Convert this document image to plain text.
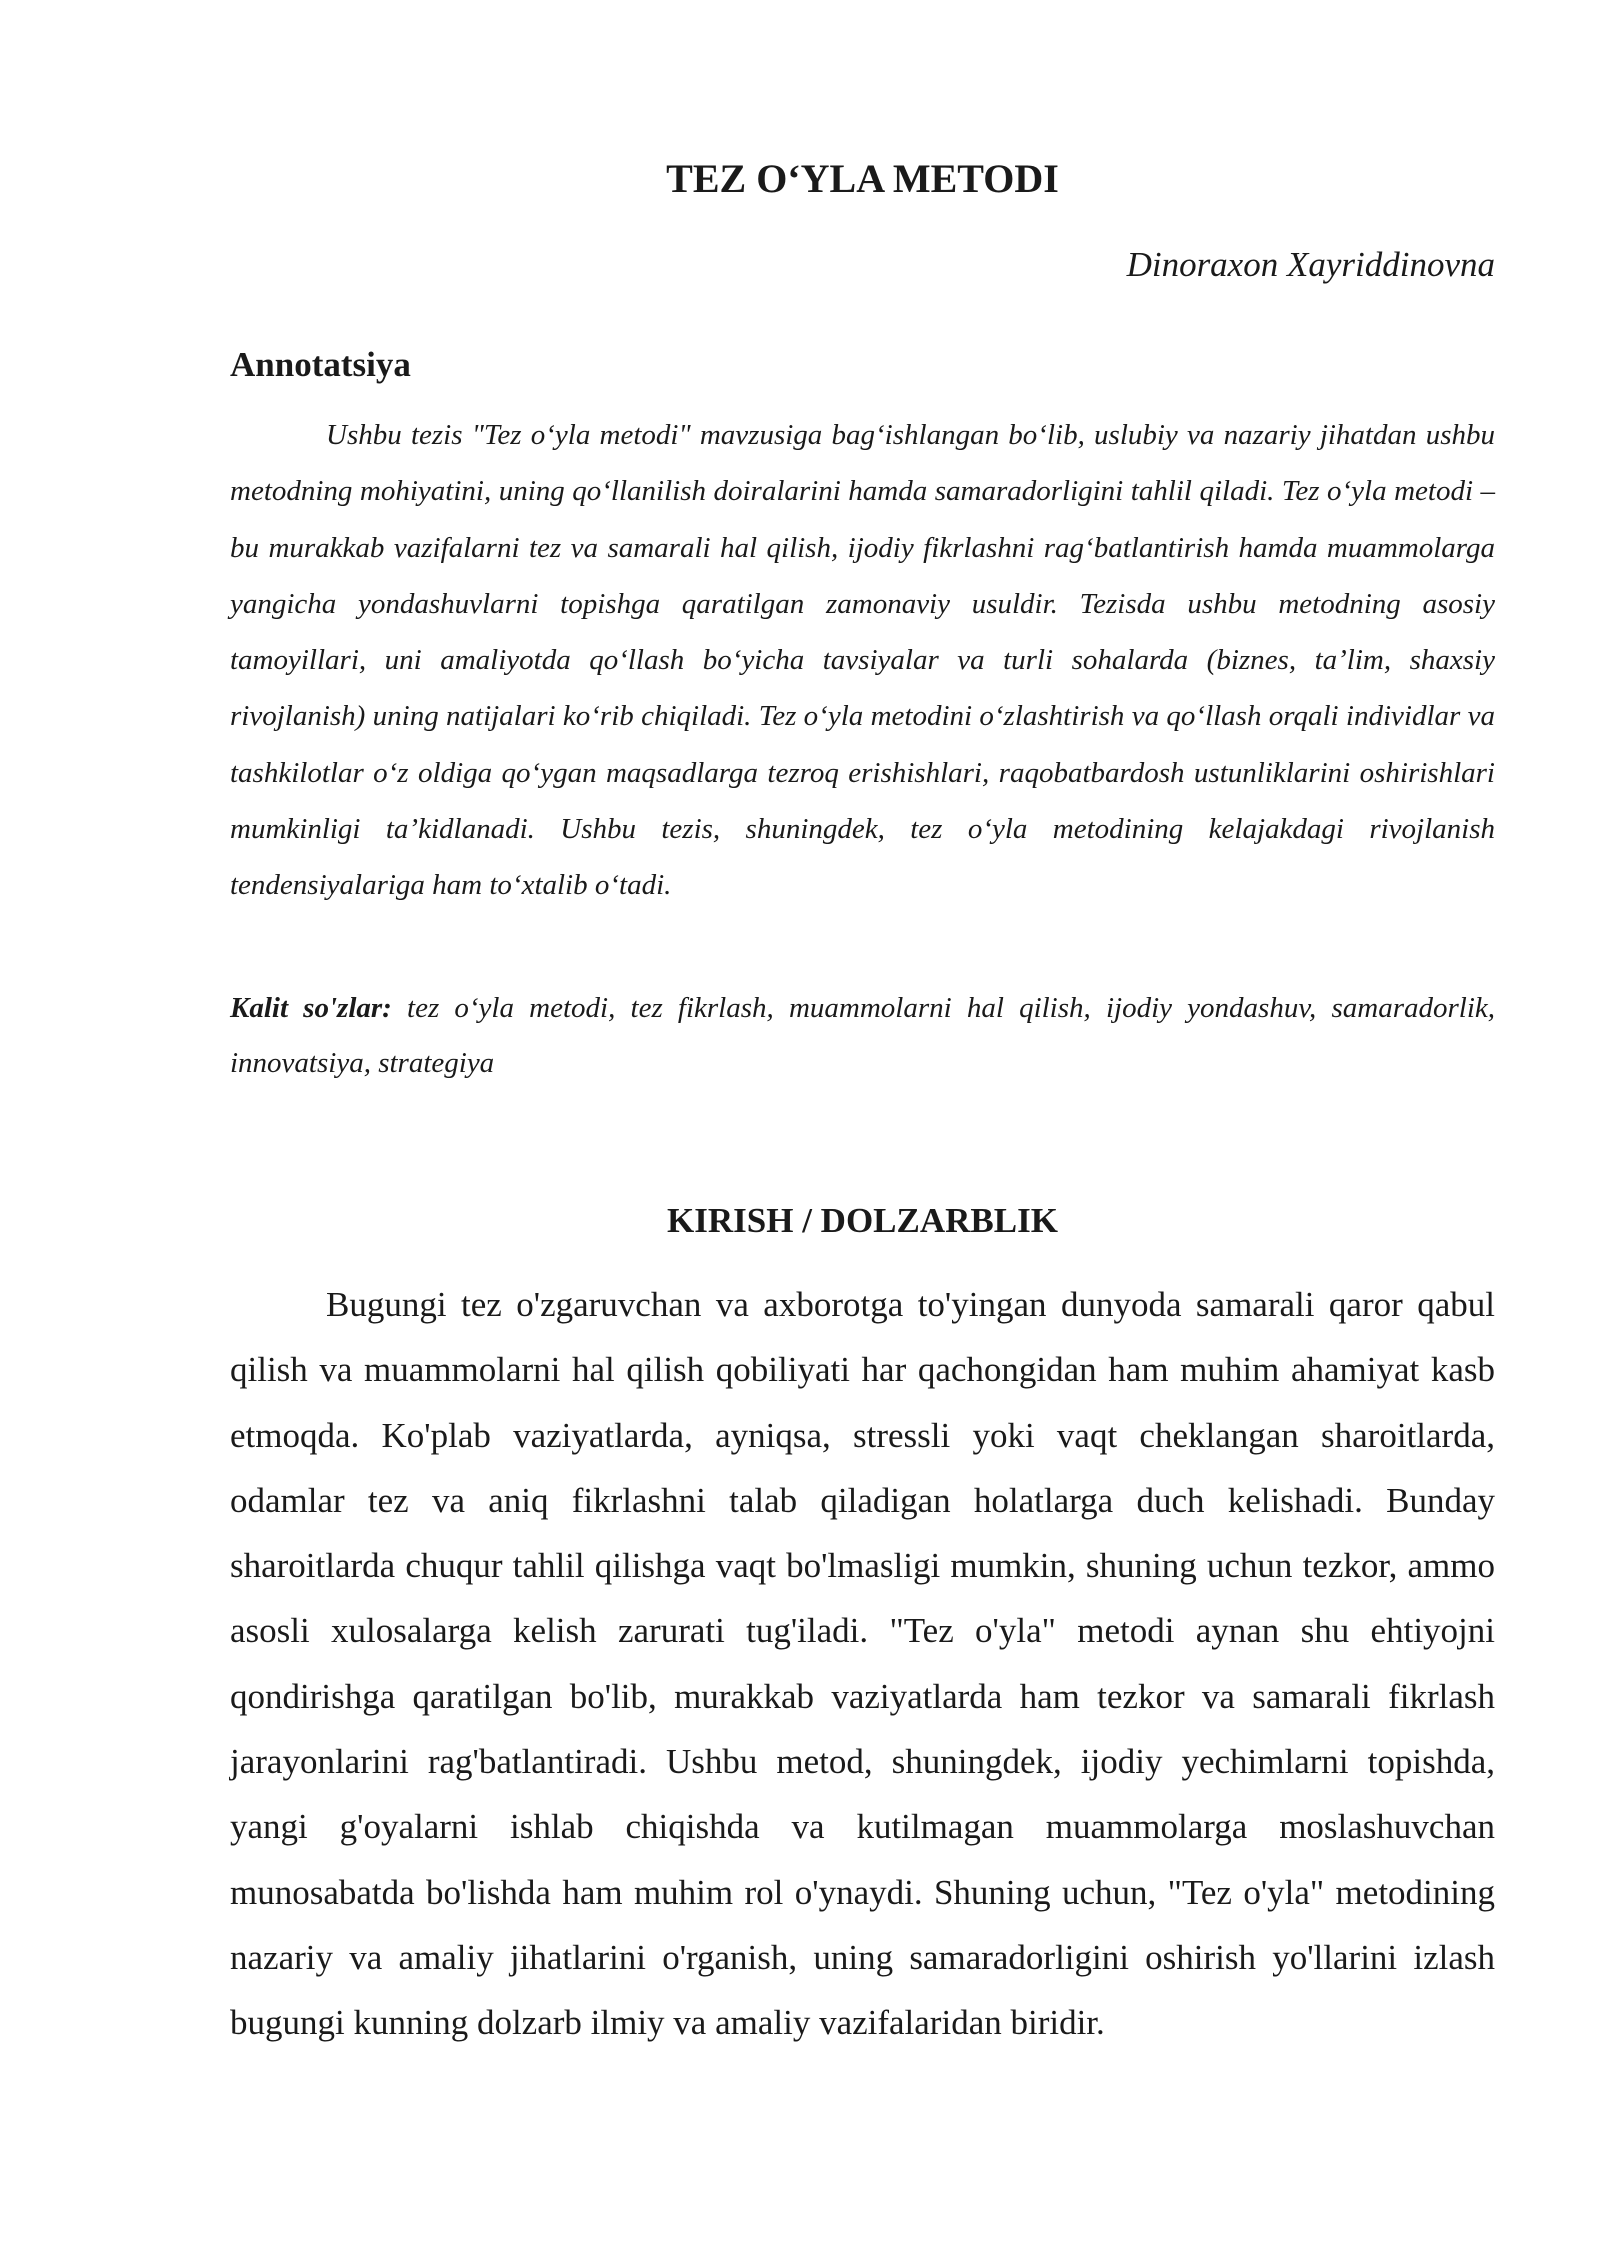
TEZ O‘YLA METODI
Dinoraxon Xayriddinovna
Annotatsiya

Ushbu tezis "Tez o‘yla metodi" mavzusiga bag‘ishlangan bo‘lib, uslubiy va nazariy jihatdan ushbu metodning mohiyatini, uning qo‘llanilish doiralarini hamda samaradorligini tahlil qiladi. Tez o‘yla metodi – bu murakkab vazifalarni tez va samarali hal qilish, ijodiy fikrlashni rag‘batlantirish hamda muammolarga yangicha yondashuvlarni topishga qaratilgan zamonaviy usuldir. Tezisda ushbu metodning asosiy tamoyillari, uni amaliyotda qo‘llash bo‘yicha tavsiyalar va turli sohalarda (biznes, ta’lim, shaxsiy rivojlanish) uning natijalari ko‘rib chiqiladi. Tez o‘yla metodini o‘zlashtirish va qo‘llash orqali individlar va tashkilotlar o‘z oldiga qo‘ygan maqsadlarga tezroq erishishlari, raqobatbardosh ustunliklarini oshirishlari mumkinligi ta’kidlanadi. Ushbu tezis, shuningdek, tez o‘yla metodining kelajakdagi rivojlanish tendensiyalariga ham to‘xtalib o‘tadi.

Kalit so'zlar: tez o‘yla metodi, tez fikrlash, muammolarni hal qilish, ijodiy yondashuv, samaradorlik, innovatsiya, strategiya

KIRISH / DOLZARBLIK

Bugungi tez o'zgaruvchan va axborotga to'yingan dunyoda samarali qaror qabul qilish va muammolarni hal qilish qobiliyati har qachongidan ham muhim ahamiyat kasb etmoqda. Ko'plab vaziyatlarda, ayniqsa, stressli yoki vaqt cheklangan sharoitlarda, odamlar tez va aniq fikrlashni talab qiladigan holatlarga duch kelishadi. Bunday sharoitlarda chuqur tahlil qilishga vaqt bo'lmasligi mumkin, shuning uchun tezkor, ammo asosli xulosalarga kelish zarurati tug'iladi. "Tez o'yla" metodi aynan shu ehtiyojni qondirishga qaratilgan bo'lib, murakkab vaziyatlarda ham tezkor va samarali fikrlash jarayonlarini rag'batlantiradi. Ushbu metod, shuningdek, ijodiy yechimlarni topishda, yangi g'oyalarni ishlab chiqishda va kutilmagan muammolarga moslashuvchan munosabatda bo'lishda ham muhim rol o'ynaydi. Shuning uchun, "Tez o'yla" metodining nazariy va amaliy jihatlarini o'rganish, uning samaradorligini oshirish yo'llarini izlash bugungi kunning dolzarb ilmiy va amaliy vazifalaridan biridir.
